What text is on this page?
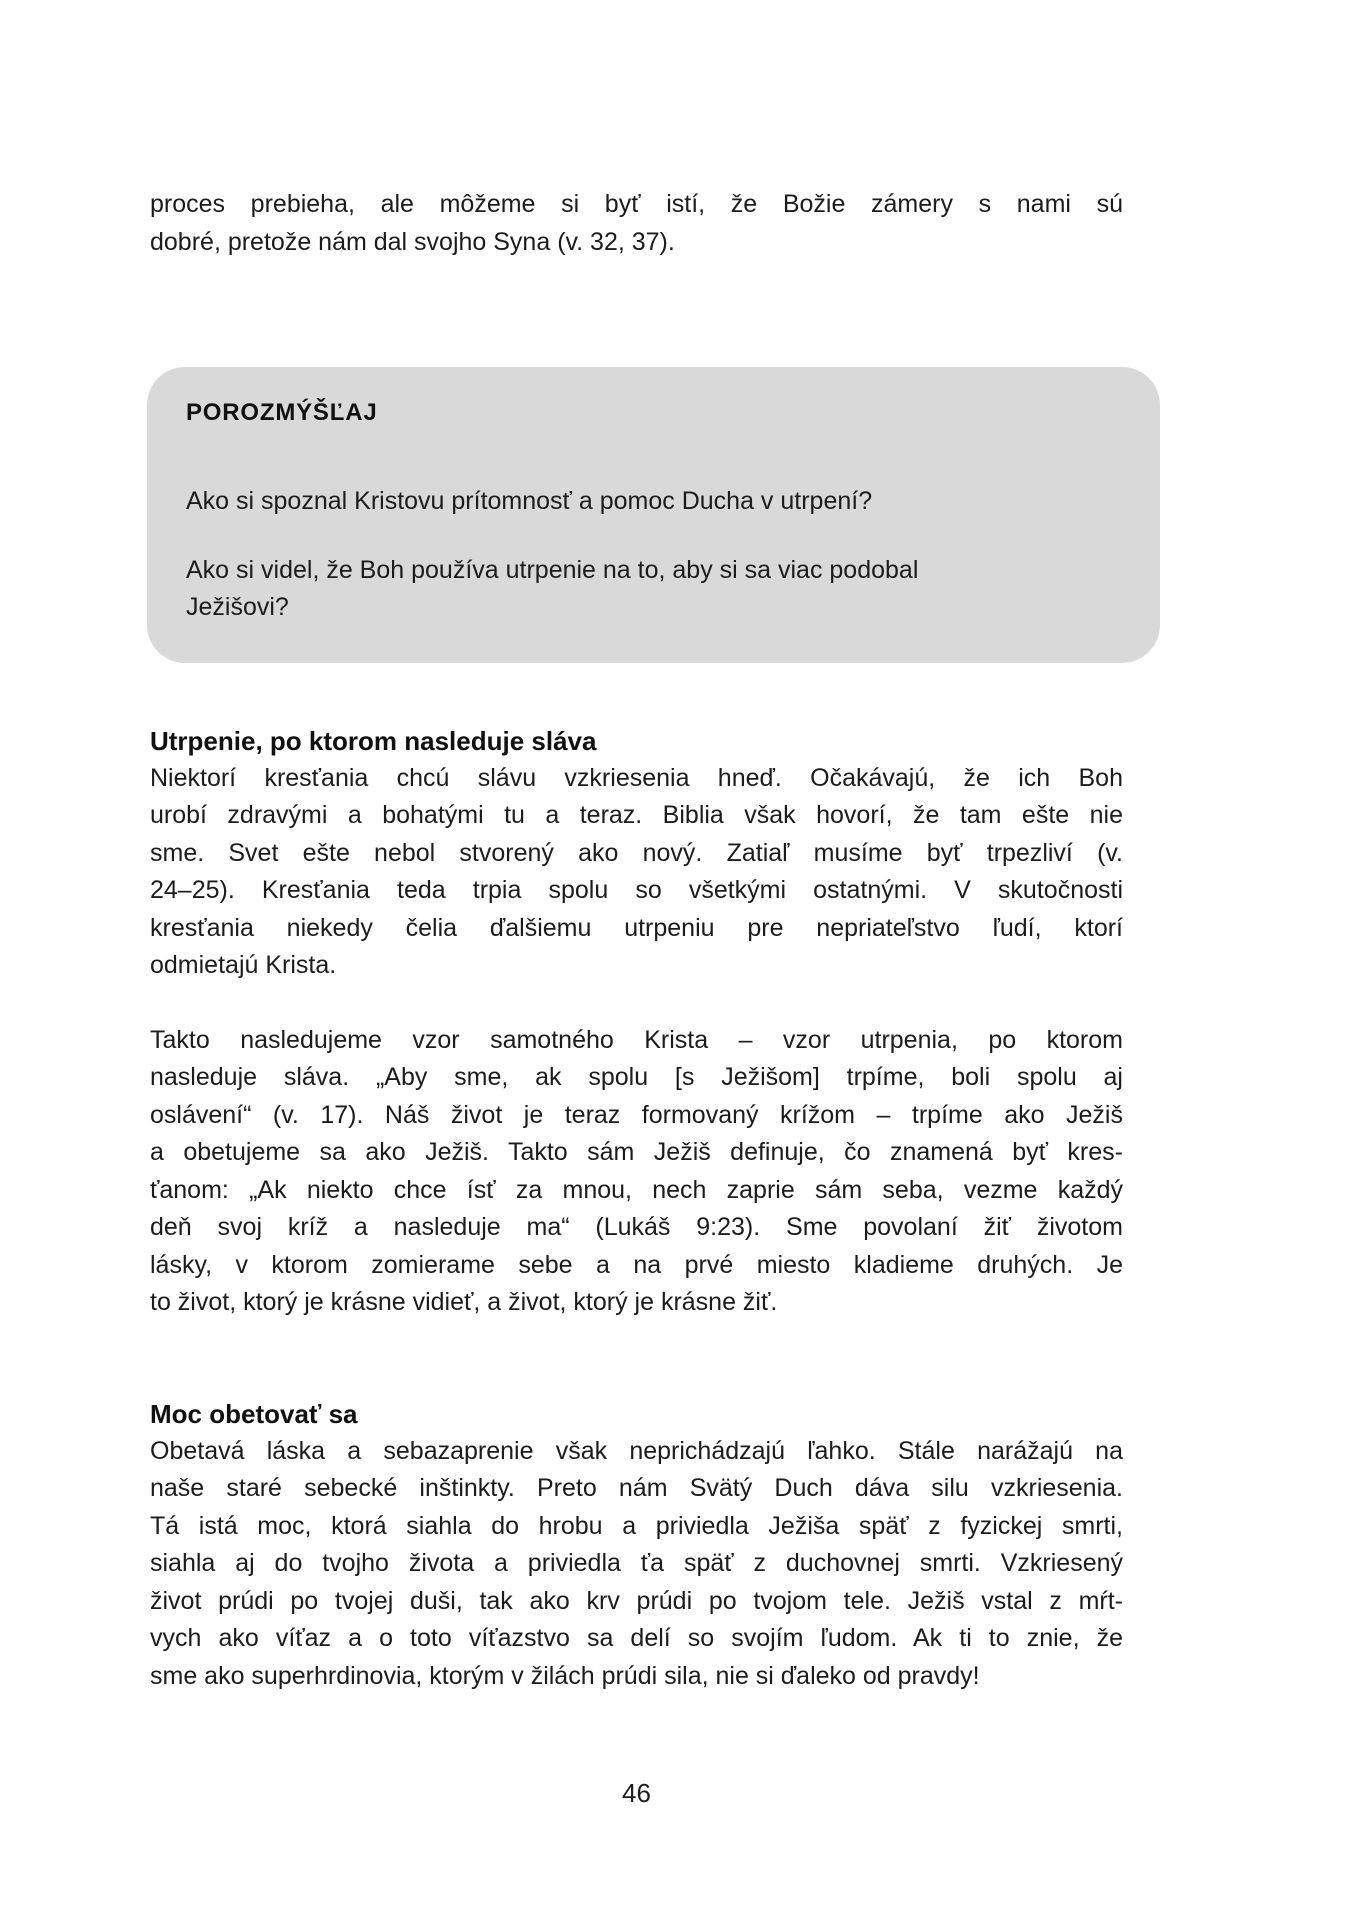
proces prebieha, ale môžeme si byť istí, že Božie zámery s nami sú
dobré, pretože nám dal svojho Syna (v. 32, 37).
POROZMÝŠĽAJ
Ako si spoznal Kristovu prítomnosť a pomoc Ducha v utrpení?
Ako si videl, že Boh používa utrpenie na to, aby si sa viac podobal
Ježišovi?
Utrpenie, po ktorom nasleduje sláva
Niektorí kresťania chcú slávu vzkriesenia hneď. Očakávajú, že ich Boh
urobí zdravými a bohatými tu a teraz. Biblia však hovorí, že tam ešte nie
sme. Svet ešte nebol stvorený ako nový. Zatiaľ musíme byť trpezliví (v.
24–25). Kresťania teda trpia spolu so všetkými ostatnými. V skutočnosti
kresťania niekedy čelia ďalšiemu utrpeniu pre nepriateľstvo ľudí, ktorí
odmietajú Krista.
Takto nasledujeme vzor samotného Krista – vzor utrpenia, po ktorom
nasleduje sláva. „Aby sme, ak spolu [s Ježišom] trpíme, boli spolu aj
oslávení“ (v. 17). Náš život je teraz formovaný krížom – trpíme ako Ježiš
a obetujeme sa ako Ježiš. Takto sám Ježiš definuje, čo znamená byť kres-
ťanom: „Ak niekto chce ísť za mnou, nech zaprie sám seba, vezme každý
deň svoj kríž a nasleduje ma“ (Lukáš 9:23). Sme povolaní žiť životom
lásky, v ktorom zomierame sebe a na prvé miesto kladieme druhých. Je
to život, ktorý je krásne vidieť, a život, ktorý je krásne žiť.
Moc obetovať sa
Obetavá láska a sebazaprenie však neprichádzajú ľahko. Stále narážajú na
naše staré sebecké inštinkty. Preto nám Svätý Duch dáva silu vzkriesenia.
Tá istá moc, ktorá siahla do hrobu a priviedla Ježiša späť z fyzickej smrti,
siahla aj do tvojho života a priviedla ťa späť z duchovnej smrti. Vzkriesený
život prúdi po tvojej duši, tak ako krv prúdi po tvojom tele. Ježiš vstal z mŕt-
vych ako víťaz a o toto víťazstvo sa delí so svojím ľudom. Ak ti to znie, že
sme ako superhrdinovia, ktorým v žilách prúdi sila, nie si ďaleko od pravdy!
46
